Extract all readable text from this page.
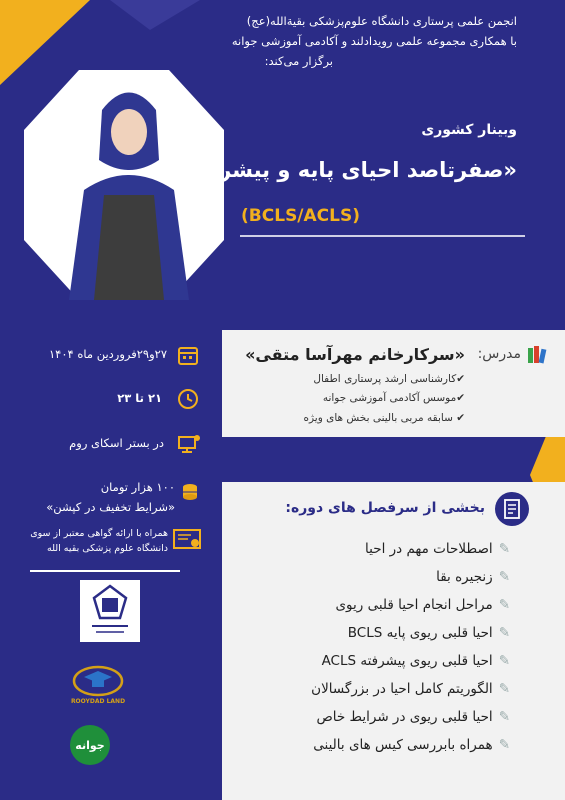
انجمن علمی پرستاری دانشگاه علوم‌پزشکی بقیة‌الله(عج)
با همکاری مجموعه علمی رویدادلند و آکادمی آموزشی جوانه
برگزار می‌کند:
وبینار کشوری
«صفرتاصد احیای پایه و پیشرفته»
(BCLS/ACLS)
مدرس:
«سرکارخانم مهرآسا متقی»
✔کارشناسی ارشد پرستاری اطفال
✔موسس آکادمی آموزشی جوانه
✔ سابقه مربی بالینی بخش های ویژه
۲۷و۲۹فروردین ماه ۱۴۰۴
۲۱ تا ۲۳
در بستر اسکای روم
۱۰۰ هزار تومان
«شرایط تخفیف در کپشن»
همراه با ارائه گواهی معتبر از سوی دانشگاه علوم پزشکی بقیه الله
ROOYDAD LAND
جوانه
بخشی از سرفصل های دوره:
✎اصطلاحات مهم در احیا
✎زنجیره بقا
✎مراحل انجام احیا قلبی ریوی
✎احیا قلبی ریوی پایه BCLS
✎احیا قلبی ریوی پیشرفته ACLS
✎الگوریتم کامل احیا در بزرگسالان
✎احیا قلبی ریوی در شرایط خاص
✎همراه بابررسی کیس های بالینی
